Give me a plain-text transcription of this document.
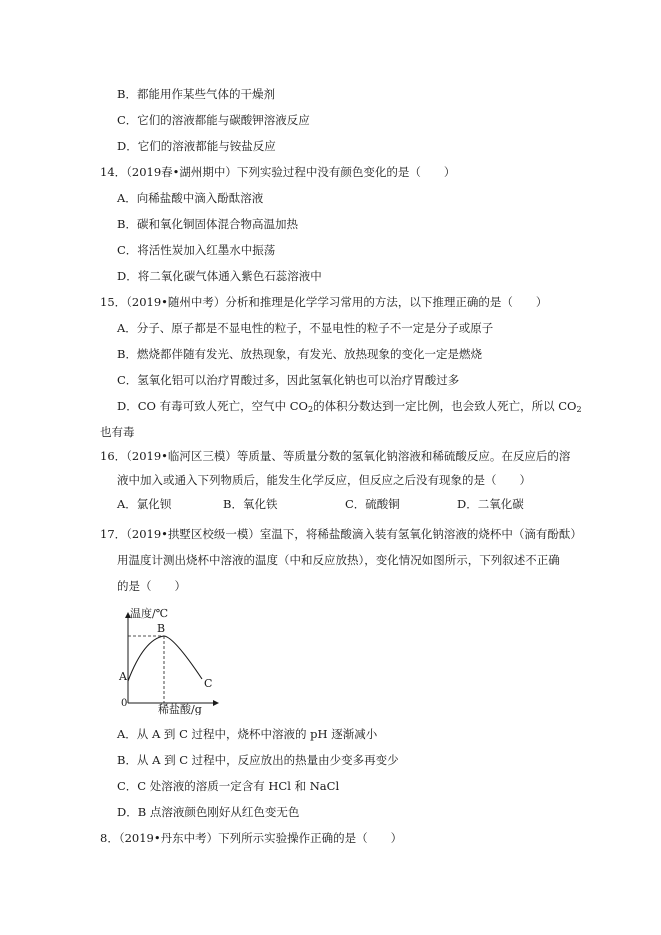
B．都能用作某些气体的干燥剂
C．它们的溶液都能与碳酸钾溶液反应
D．它们的溶液都能与铵盐反应
14．（2019春•湖州期中）下列实验过程中没有颜色变化的是（　　）
A．向稀盐酸中滴入酚酞溶液
B．碳和氧化铜固体混合物高温加热
C．将活性炭加入红墨水中振荡
D．将二氧化碳气体通入紫色石蕊溶液中
15．（2019•随州中考）分析和推理是化学学习常用的方法，以下推理正确的是（　　）
A．分子、原子都是不显电性的粒子，不显电性的粒子不一定是分子或原子
B．燃烧都伴随有发光、放热现象，有发光、放热现象的变化一定是燃烧
C．氢氧化铝可以治疗胃酸过多，因此氢氧化钠也可以治疗胃酸过多
D．CO 有毒可致人死亡，空气中 $CO_2$的体积分数达到一定比例，也会致人死亡，所以 $CO_2$
也有毒
16．（2019•临河区三模）等质量、等质量分数的氢氧化钠溶液和稀硫酸反应。在反应后的溶
液中加入或通入下列物质后，能发生化学反应，但反应之后没有现象的是（　　）
A．氯化钡	B．氧化铁	C．硫酸铜	D．二氧化碳
17．（2019•拱墅区校级一模）室温下，将稀盐酸滴入装有氢氧化钠溶液的烧杯中（滴有酚酞）
用温度计测出烧杯中溶液的温度（中和反应放热），变化情况如图所示，下列叙述不正确
的是（　　）
温度/℃
B
A
C
0	稀盐酸/g
A．从 A 到 C 过程中，烧杯中溶液的 pH 逐渐减小
B．从 A 到 C 过程中，反应放出的热量由少变多再变少
C．C 处溶液的溶质一定含有 HCl 和 NaCl
D．B 点溶液颜色刚好从红色变无色
8．（2019•丹东中考）下列所示实验操作正确的是（　　）
